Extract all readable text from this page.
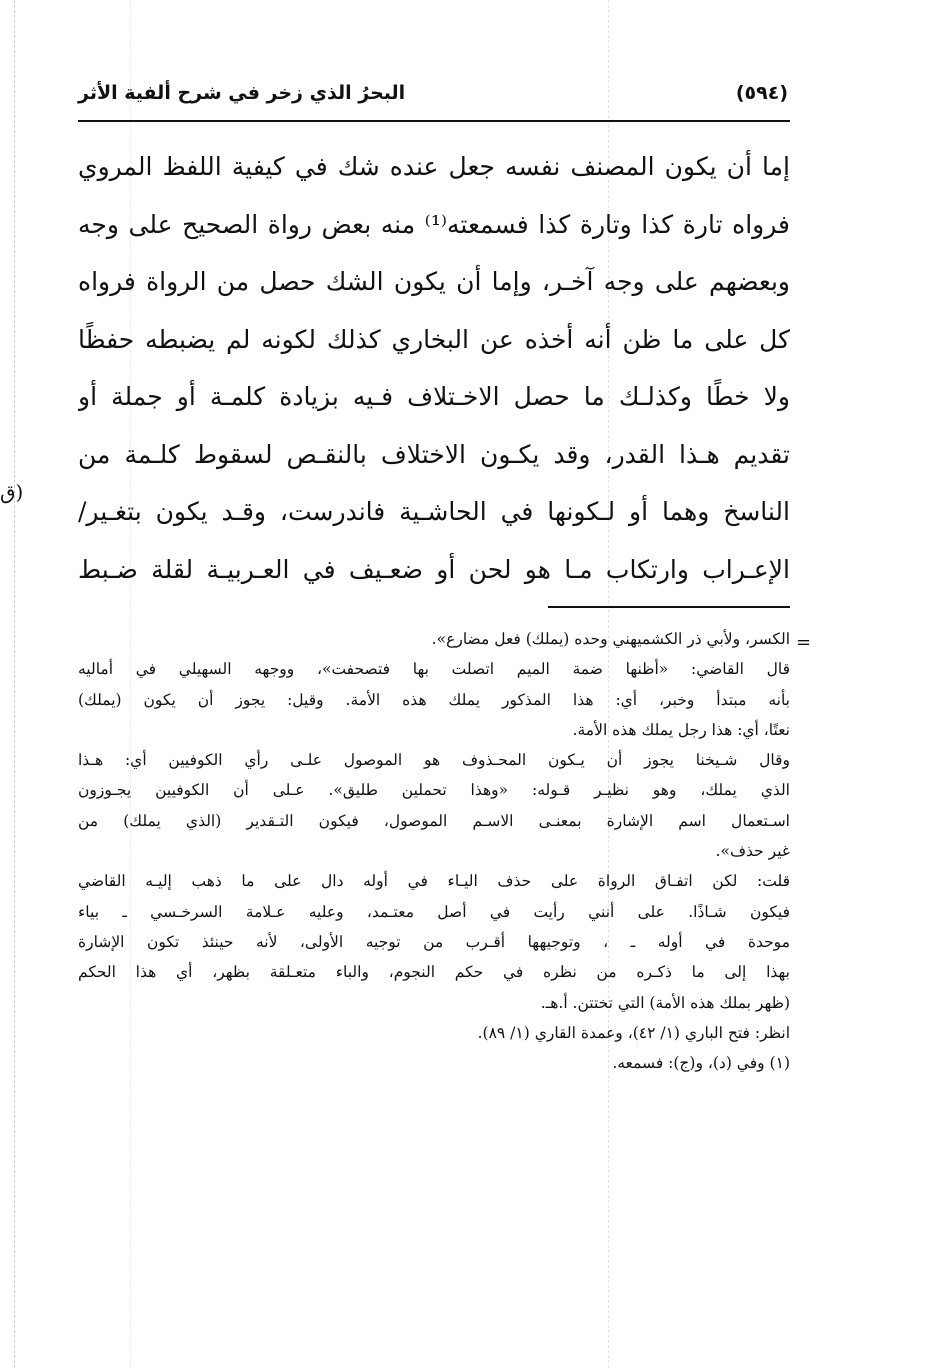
البحرُ الذي زخر في شرح ألفية الأثر	(٥٩٤)
إما أن يكون المصنف نفسه جعل عنده شك في كيفية اللفظ المروي
فرواه تارة كذا وتارة كذا فسمعته⁽¹⁾ منه بعض رواة الصحيح على وجه
وبعضهم على وجه آخـر، وإما أن يكون الشك حصل من الرواة فرواه
كل على ما ظن أنه أخذه عن البخاري كذلك لكونه لم يضبطه حفظًا
ولا خطًا وكذلـك ما حصل الاخـتلاف فـيه بزيادة كلمـة أو جملة أو
تقديم هـذا القدر، وقد يكـون الاختلاف بالنقـص لسقوط كلـمة من
الناسخ وهما أو لـكونها في الحاشـية فاندرست، وقـد يكون بتغـير/
الإعـراب وارتكاب مـا هو لحن أو ضعـيف في العـربيـة لقلة ضـبط
(ق
=
الكسر، ولأبي ذر الكشميهني وحده (يملك) فعل مضارع».
قال القاضي: «أظنها ضمة الميم اتصلت بها فتصحفت»، ووجهه السهيلي في أماليه
بأنه مبتدأ وخبر، أي: هذا المذكور يملك هذه الأمة. وقيل: يجوز أن يكون (يملك)
نعتًا، أي: هذا رجل يملك هذه الأمة.
وقال شـيخنا يجوز أن يـكون المحـذوف هو الموصول علـى رأي الكوفيين أي: هـذا
الذي يملك، وهو نظيـر قـوله: «وهذا تحملين طليق». عـلى أن الكوفيين يجـوزون
اسـتعمال اسم الإشارة بمعنـى الاسـم الموصول، فيكون التـقدير (الذي يملك) من
غير حذف».
قلت: لكن اتفـاق الرواة على حذف اليـاء في أوله دال على ما ذهب إليـه القاضي
فيكون شـاذًا. على أنني رأيت في أصل معتـمد، وعليه عـلامة السرخـسي ـ بياء
موحدة في أوله ـ ، وتوجيهها أقـرب من توجيه الأولى، لأنه حينئذ تكون الإشارة
بهذا إلى ما ذكـره من نظره في حكم النجوم، والباء متعـلقة بظهر، أي هذا الحكم
(ظهر بملك هذه الأمة) التي تختتن. أ.هـ.
انظر: فتح الباري (١/ ٤٢)، وعمدة القاري (١/ ٨٩).
(١) وفي (د)، و(ج): فسمعه.
